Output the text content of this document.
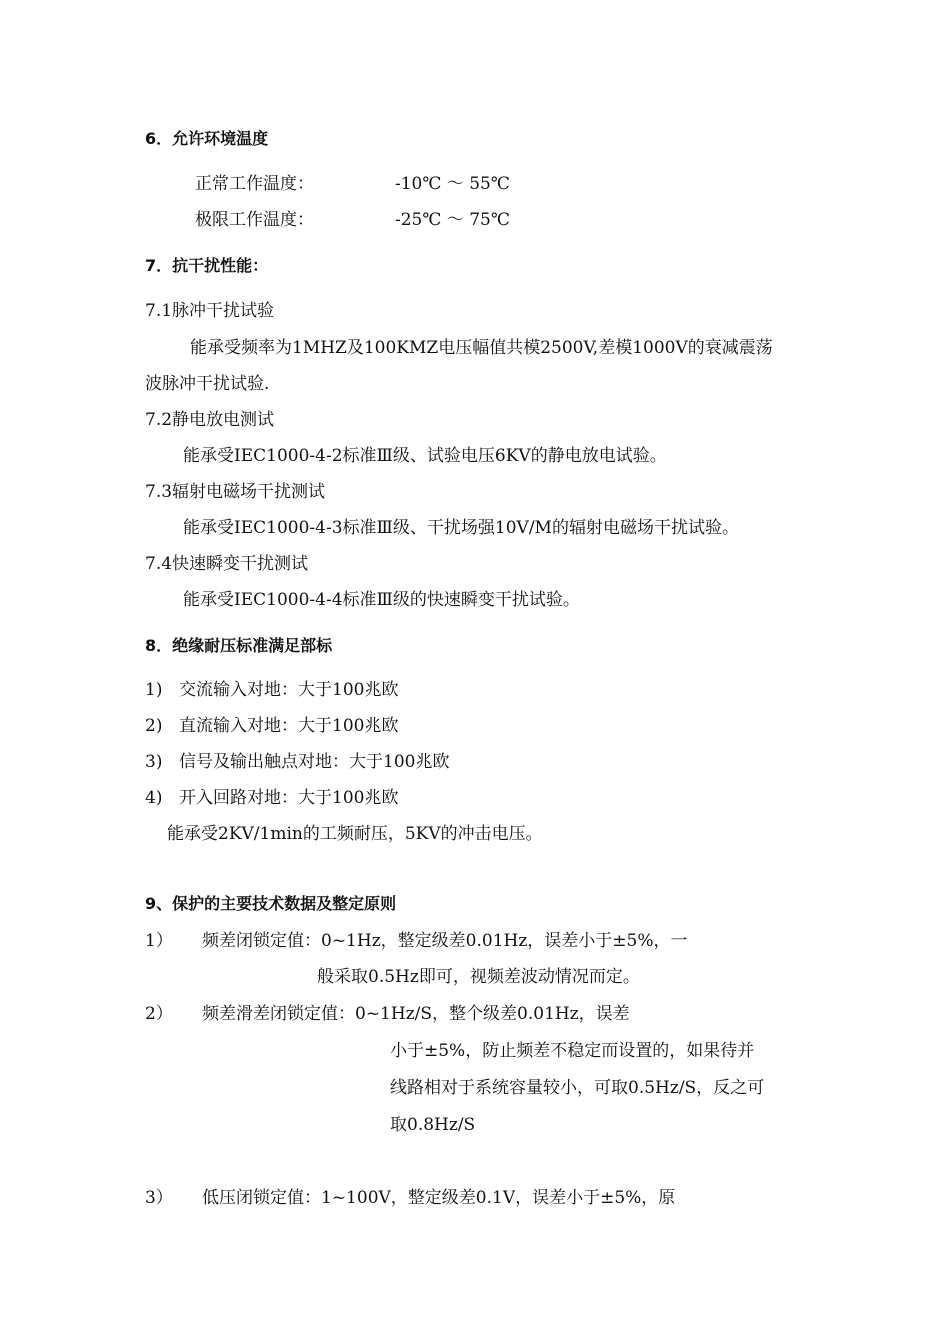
6．允许环境温度
正常工作温度：	-10℃ ～ 55℃
极限工作温度：	-25℃ ～ 75℃
7．抗干扰性能：
7.1脉冲干扰试验
能承受频率为1MHZ及100KMZ电压幅值共模2500V,差模1000V的衰减震荡
波脉冲干扰试验.
7.2静电放电测试
能承受IEC1000-4-2标准Ⅲ级、试验电压6KV的静电放电试验。
7.3辐射电磁场干扰测试
能承受IEC1000-4-3标准Ⅲ级、干扰场强10V/M的辐射电磁场干扰试验。
7.4快速瞬变干扰测试
能承受IEC1000-4-4标准Ⅲ级的快速瞬变干扰试验。
8．绝缘耐压标准满足部标
1) 交流输入对地：大于100兆欧
2) 直流输入对地：大于100兆欧
3) 信号及输出触点对地：大于100兆欧
4) 开入回路对地：大于100兆欧
能承受2KV/1min的工频耐压，5KV的冲击电压。
9、保护的主要技术数据及整定原则
1） 频差闭锁定值：0~1Hz，整定级差0.01Hz，误差小于±5%，一
般采取0.5Hz即可，视频差波动情况而定。
2） 频差滑差闭锁定值：0~1Hz/S，整个级差0.01Hz，误差
小于±5%，防止频差不稳定而设置的，如果待并
线路相对于系统容量较小，可取0.5Hz/S，反之可
取0.8Hz/S
3） 低压闭锁定值：1~100V，整定级差0.1V，误差小于±5%，原
